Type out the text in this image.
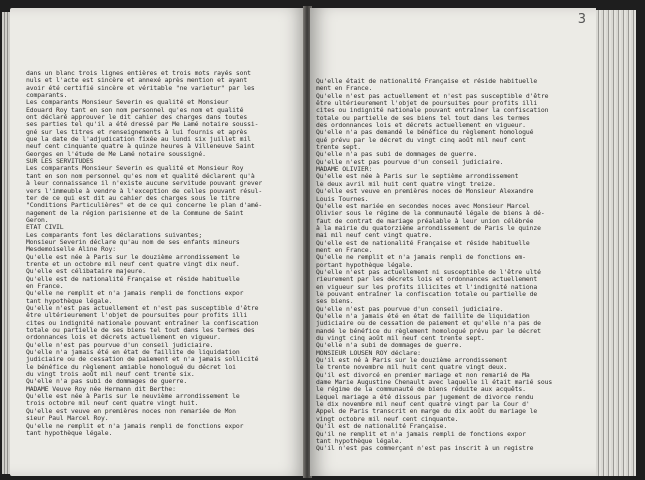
dans un blanc trois lignes entières et trois mots rayés sont
nuls et l'acte est sincère et annexé après mention et ayant
avoir été certifié sincère et véritable "ne varietur" par les
comparants.
Les comparants Monsieur Severin es qualité et Monsieur
Edouard Roy tant en son nom personnel qu'es nom et qualité
ont déclaré approuver le dit cahier des charges dans toutes
ses parties tel qu'il a été dressé par Me Lamé notaire soussi-
gné sur les titres et renseignements à lui fournis et après
que la date de l'adjudication fixée au lundi six juillet mil
neuf cent cinquante quatre à quinze heures à Villeneuve Saint
Georges en l'étude de Me Lamé notaire soussigné.
SUR LES SERVITUDES
Les comparants Monsieur Severin es qualité et Monsieur Roy
tant en son nom personnel qu'es nom et qualité déclarent qu'à
à leur connaissance il n'existe aucune servitude pouvant grever
vers l'immeuble à vendre à l'exception de celles pouvant résul-
ter de ce qui est dit au cahier des charges sous le titre
"Conditions Particulières" et de ce qui concerne le plan d'amé-
nagement de la région parisienne et de la Commune de Saint
Geron.
ETAT CIVIL
Les comparants font les déclarations suivantes;
Monsieur Severin déclare qu'au nom de ses enfants mineurs
Mesdemoiselle Aline Roy:
Qu'elle est née à Paris sur le douzième arrondissement le
trente et un octobre mil neuf cent quatre vingt dix neuf.
Qu'elle est célibataire majeure.
Qu'elle est de nationalité Française et réside habituelle
en France.
Qu'elle ne remplit et n'a jamais rempli de fonctions expor
tant hypothèque légale.
Qu'elle n'est pas actuellement et n'est pas susceptible d'être
être ultérieurement l'objet de poursuites pour profits illi
cites ou indignité nationale pouvant entraîner la confiscation
totale ou partielle de ses biens tel tout dans les termes des
ordonnances lois et décrets actuellement en vigueur.
Qu'elle n'est pas pourvue d'un conseil judiciaire.
Qu'elle n'a jamais été en état de faillite de liquidation
judiciaire ou de cessation de paiement et n'a jamais sollicité
le bénéfice du règlement amiable homologué du décret loi
du vingt trois août mil neuf cent trente six.
Qu'elle n'a pas subi de dommages de guerre.
MADAME Veuve Roy née Hermann dit Berthe:
Qu'elle est née à Paris sur le neuvième arrondissement le
trois octobre mil neuf cent quatre vingt huit.
Qu'elle est veuve en premières noces non remariée de Mon
sieur Paul Marcel Roy.
Qu'elle ne remplit et n'a jamais rempli de fonctions expor
tant hypothèque légale.
3
Qu'elle était de nationalité Française et réside habituelle
ment en France.
Qu'elle n'est pas actuellement et n'est pas susceptible d'être
être ultérieurement l'objet de poursuites pour profits illi
cites ou indignité nationale pouvant entraîner la confiscation
totale ou partielle de ses biens tel tout dans les termes
des ordonnances lois et décrets actuellement en vigueur.
Qu'elle n'a pas demandé le bénéfice du règlement homologué
qué prévu par le décret du vingt cinq août mil neuf cent
trente sept.
Qu'elle n'a pas subi de dommages de guerre.
Qu'elle n'est pas pourvue d'un conseil judiciaire.
MADAME OLIVIER:
Qu'elle est née à Paris sur le septième arrondissement
le deux avril mil huit cent quatre vingt treize.
Qu'elle est veuve en premières noces de Monsieur Alexandre
Louis Tournes.
Qu'elle est mariée en secondes noces avec Monsieur Marcel
Olivier sous le régime de la communauté légale de biens à dé-
faut de contrat de mariage préalable à leur union célébrée
à la mairie du quatorzième arrondissement de Paris le quinze
mai mil neuf cent vingt quatre.
Qu'elle est de nationalité Française et réside habituelle
ment en France.
Qu'elle ne remplit et n'a jamais rempli de fonctions em-
portant hypothèque légale.
Qu'elle n'est pas actuellement ni susceptible de l'être ulté
rieurement par les décrets lois et ordonnances actuellement
en vigueur sur les profits illicites et l'indignité nationa
le pouvant entraîner la confiscation totale ou partielle de
ses biens.
Qu'elle n'est pas pourvue d'un conseil judiciaire.
Qu'elle n'a jamais été en état de faillite de liquidation
judiciaire ou de cessation de paiement et qu'elle n'a pas de
mandé le bénéfice du règlement homologué prévu par le décret
du vingt cinq août mil neuf cent trente sept.
Qu'elle n'a subi de dommages de guerre.
MONSIEUR LOUSEN ROY déclare:
Qu'il est né à Paris sur le douzième arrondissement
le trente novembre mil huit cent quatre vingt deux.
Qu'il est divorcé en premier mariage et non remarié de Ma
dame Marie Augustine Chenault avec laquelle il était marié sous
le régime de la communauté de biens réduite aux acquêts.
Lequel mariage a été dissous par jugement de divorce rendu
le dix novembre mil neuf cent quatre vingt par la Cour d'
Appel de Paris transcrit en marge du dix août du mariage le
vingt octobre mil neuf cent cinquante.
Qu'il est de nationalité Française.
Qu'il ne remplit et n'a jamais rempli de fonctions expor
tant hypothèque légale.
Qu'il n'est pas commerçant n'est pas inscrit à un registre
